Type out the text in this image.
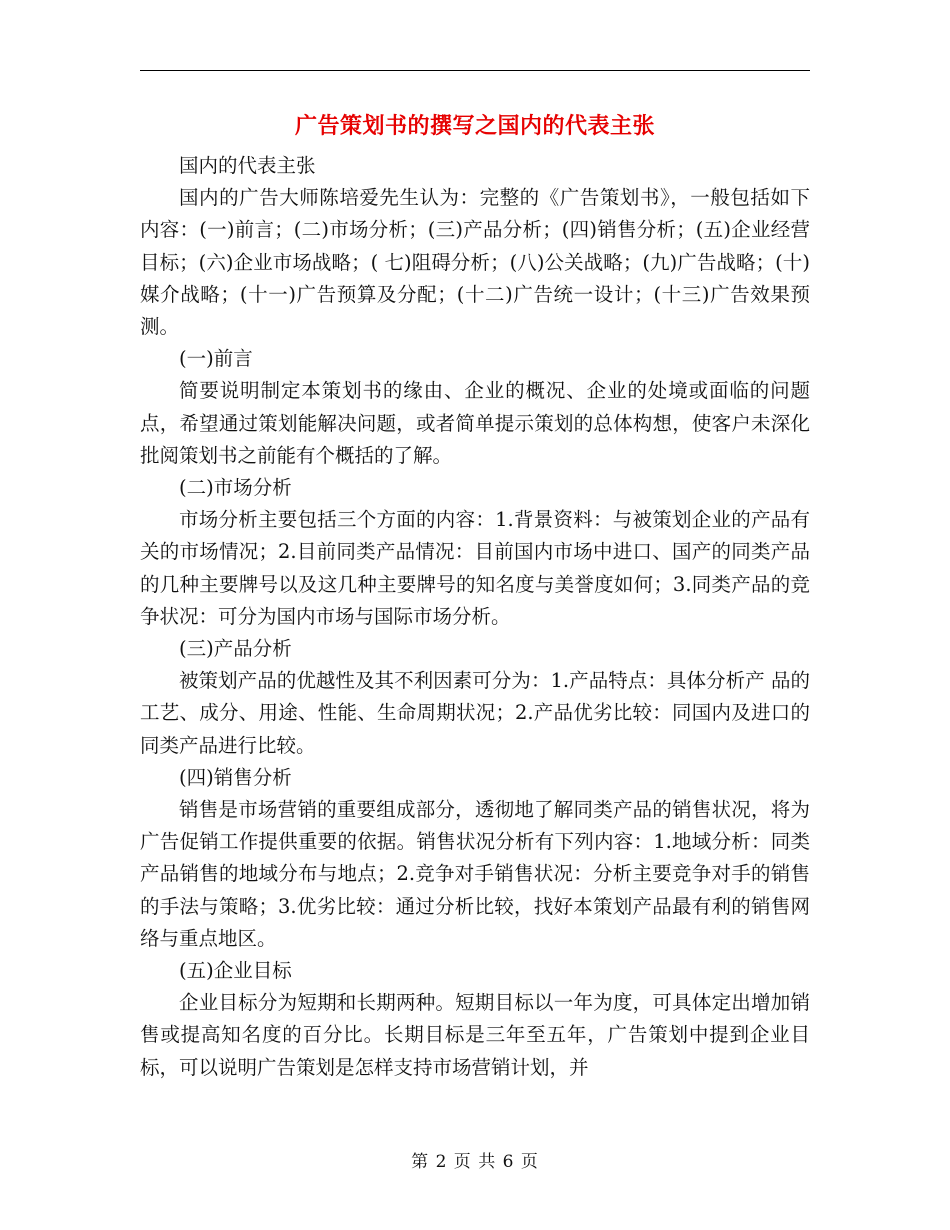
广告策划书的撰写之国内的代表主张

国内的代表主张

国内的广告大师陈培爱先生认为：完整的《广告策划书》，一般包括如下内容：(一)前言；(二)市场分析；(三)产品分析；(四)销售分析；(五)企业经营目标；(六)企业市场战略；( 七)阻碍分析；(八)公关战略；(九)广告战略；(十)媒介战略；(十一)广告预算及分配；(十二)广告统一设计；(十三)广告效果预测。

(一)前言

简要说明制定本策划书的缘由、企业的概况、企业的处境或面临的问题点，希望通过策划能解决问题，或者简单提示策划的总体构想，使客户未深化批阅策划书之前能有个概括的了解。

(二)市场分析

市场分析主要包括三个方面的内容：1.背景资料：与被策划企业的产品有关的市场情况；2.目前同类产品情况：目前国内市场中进口、国产的同类产品的几种主要牌号以及这几种主要牌号的知名度与美誉度如何；3.同类产品的竞争状况：可分为国内市场与国际市场分析。

(三)产品分析

被策划产品的优越性及其不利因素可分为：1.产品特点：具体分析产 品的工艺、成分、用途、性能、生命周期状况；2.产品优劣比较：同国内及进口的同类产品进行比较。

(四)销售分析

销售是市场营销的重要组成部分，透彻地了解同类产品的销售状况，将为广告促销工作提供重要的依据。销售状况分析有下列内容：1.地域分析：同类产品销售的地域分布与地点；2.竞争对手销售状况：分析主要竞争对手的销售的手法与策略；3.优劣比较：通过分析比较，找好本策划产品最有利的销售网络与重点地区。

(五)企业目标

企业目标分为短期和长期两种。短期目标以一年为度，可具体定出增加销售或提高知名度的百分比。长期目标是三年至五年，广告策划中提到企业目标，可以说明广告策划是怎样支持市场营销计划，并

第 2 页 共 6 页
